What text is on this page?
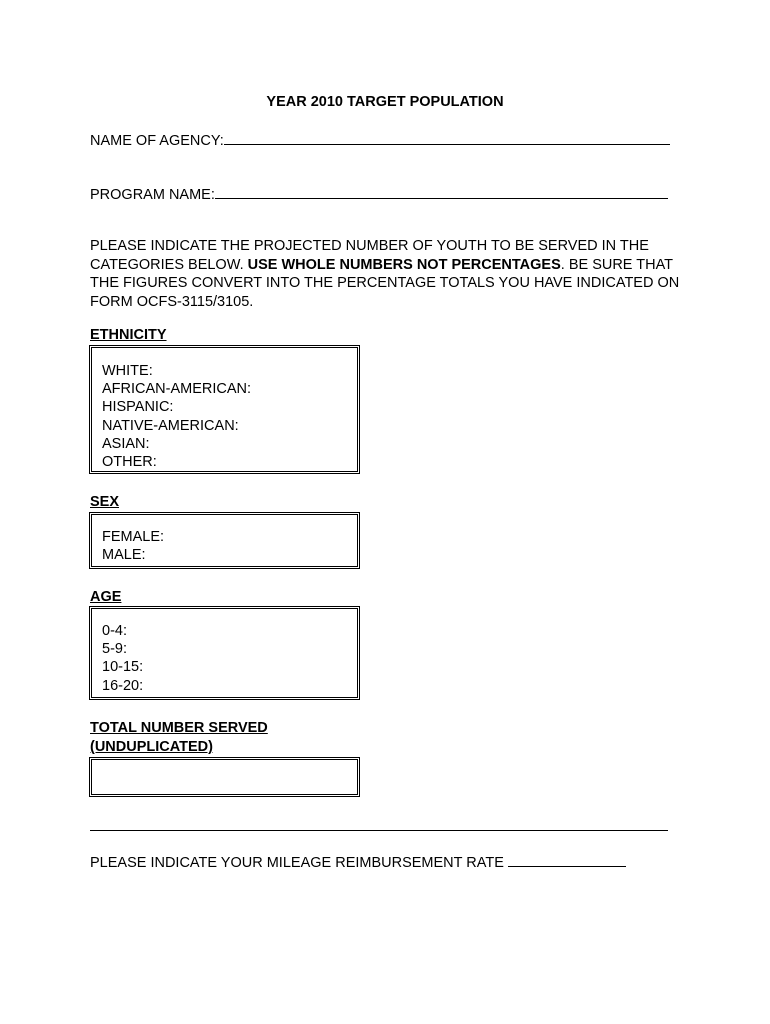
YEAR 2010 TARGET POPULATION
NAME OF AGENCY:
PROGRAM NAME:
PLEASE INDICATE THE PROJECTED NUMBER OF YOUTH TO BE SERVED IN THE CATEGORIES BELOW. USE WHOLE NUMBERS NOT PERCENTAGES. BE SURE THAT THE FIGURES CONVERT INTO THE PERCENTAGE TOTALS YOU HAVE INDICATED ON FORM OCFS-3115/3105.
ETHNICITY
WHITE:
AFRICAN-AMERICAN:
HISPANIC:
NATIVE-AMERICAN:
ASIAN:
OTHER:
SEX
FEMALE:
MALE:
AGE
0-4:
5-9:
10-15:
16-20:
TOTAL NUMBER SERVED
(UNDUPLICATED)
PLEASE INDICATE YOUR MILEAGE REIMBURSEMENT RATE
